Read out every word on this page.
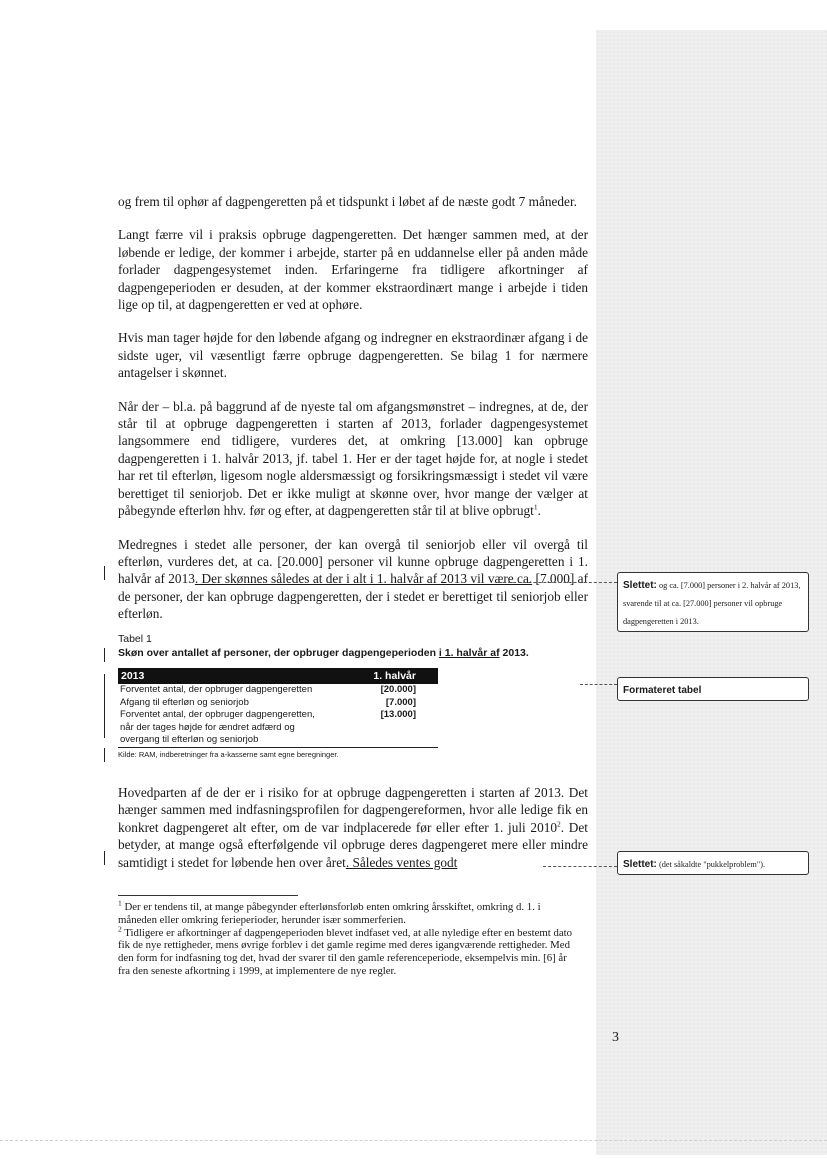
og frem til ophør af dagpengeretten på et tidspunkt i løbet af de næste godt 7 måneder.

Langt færre vil i praksis opbruge dagpengeretten. Det hænger sammen med, at der løbende er ledige, der kommer i arbejde, starter på en uddannelse eller på anden måde forlader dagpengesystemet inden. Erfaringerne fra tidligere afkortninger af dagpengeperioden er desuden, at der kommer ekstraordinært mange i arbejde i tiden lige op til, at dagpengeretten er ved at ophøre.

Hvis man tager højde for den løbende afgang og indregner en ekstraordinær afgang i de sidste uger, vil væsentligt færre opbruge dagpengeretten. Se bilag 1 for nærmere antagelser i skønnet.

Når der – bl.a. på baggrund af de nyeste tal om afgangsmønstret – indregnes, at de, der står til at opbruge dagpengeretten i starten af 2013, forlader dagpengesystemet langsommere end tidligere, vurderes det, at omkring [13.000] kan opbruge dagpengeretten i 1. halvår 2013, jf. tabel 1. Her er der taget højde for, at nogle i stedet har ret til efterløn, ligesom nogle aldersmæssigt og forsikringsmæssigt i stedet vil være berettiget til seniorjob. Det er ikke muligt at skønne over, hvor mange der vælger at påbegynde efterløn hhv. før og efter, at dagpengeretten står til at blive opbrugt$^1$.

Medregnes i stedet alle personer, der kan overgå til seniorjob eller vil overgå til efterløn, vurderes det, at ca. [20.000] personer vil kunne opbruge dagpengeretten i 1. halvår af 2013. Der skønnes således at der i alt i 1. halvår af 2013 vil være ca. [7.000] af de personer, der kan opbruge dagpengeretten, der i stedet er berettiget til seniorjob eller efterløn.

Tabel 1
Skøn over antallet af personer, der opbruger dagpengeperioden i 1. halvår af 2013.
2013	1. halvår
Forventet antal, der opbruger dagpengeretten	[20.000]
Afgang til efterløn og seniorjob	[7.000]
Forventet antal, der opbruger dagpengeretten, når der tages højde for ændret adfærd og overgang til efterløn og seniorjob	[13.000]
Kilde: RAM, indberetninger fra a-kasserne samt egne beregninger.

Hovedparten af de der er i risiko for at opbruge dagpengeretten i starten af 2013. Det hænger sammen med indfasningsprofilen for dagpengereformen, hvor alle ledige fik en konkret dagpengeret alt efter, om de var indplacerede før eller efter 1. juli 2010$^2$. Det betyder, at mange også efterfølgende vil opbruge deres dagpengeret mere eller mindre samtidigt i stedet for løbende hen over året. Således ventes godt

$^1$ Der er tendens til, at mange påbegynder efterlønsforløb enten omkring årsskiftet, omkring d. 1. i måneden eller omkring ferieperioder, herunder især sommerferien.

$^2$ Tidligere er afkortninger af dagpengeperioden blevet indfaset ved, at alle nyledige efter en bestemt dato fik de nye rettigheder, mens øvrige forblev i det gamle regime med deres igangværende rettigheder. Med den form for indfasning tog det, hvad der svarer til den gamle referenceperiode, eksempelvis min. [6] år fra den seneste afkortning i 1999, at implementere de nye regler.

Slettet: og ca. [7.000] personer i 2. halvår af 2013, svarende til at ca. [27.000] personer vil opbruge dagpengeretten i 2013.
Formateret tabel
Slettet: (det såkaldte "pukkelproblem").
3
